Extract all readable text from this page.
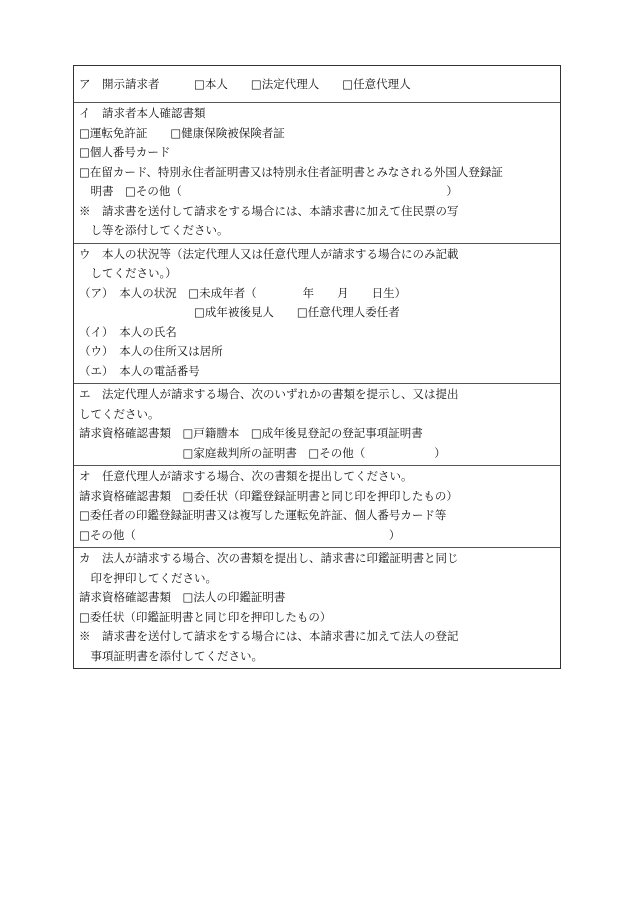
ア　開示請求者　　　□本人　　□法定代理人　　□任意代理人
イ　請求者本人確認書類
□運転免許証　　□健康保険被保険者証
□個人番号カード
□在留カード、特別永住者証明書又は特別永住者証明書とみなされる外国人登録証
　明書　□その他（　　　　　　　　　　　　　　　　　　　　　　　）
※　請求書を送付して請求をする場合には、本請求書に加えて住民票の写
　し等を添付してください。
ウ　本人の状況等（法定代理人又は任意代理人が請求する場合にのみ記載
　してください。）
（ア）　本人の状況　□未成年者（　　　　年　　月　　日生）
　　　　　　　　　　□成年被後見人　　□任意代理人委任者
（イ）　本人の氏名
（ウ）　本人の住所又は居所
（エ）　本人の電話番号
エ　法定代理人が請求する場合、次のいずれかの書類を提示し、又は提出
してください。
請求資格確認書類　□戸籍謄本　□成年後見登記の登記事項証明書
　　　　　　　　　□家庭裁判所の証明書　□その他（　　　　　　）
オ　任意代理人が請求する場合、次の書類を提出してください。
請求資格確認書類　□委任状（印鑑登録証明書と同じ印を押印したもの）
□委任者の印鑑登録証明書又は複写した運転免許証、個人番号カード等
□その他（　　　　　　　　　　　　　　　　　　　　　　）
カ　法人が請求する場合、次の書類を提出し、請求書に印鑑証明書と同じ
　印を押印してください。
請求資格確認書類　□法人の印鑑証明書
□委任状（印鑑証明書と同じ印を押印したもの）
※　請求書を送付して請求をする場合には、本請求書に加えて法人の登記
　事項証明書を添付してください。
